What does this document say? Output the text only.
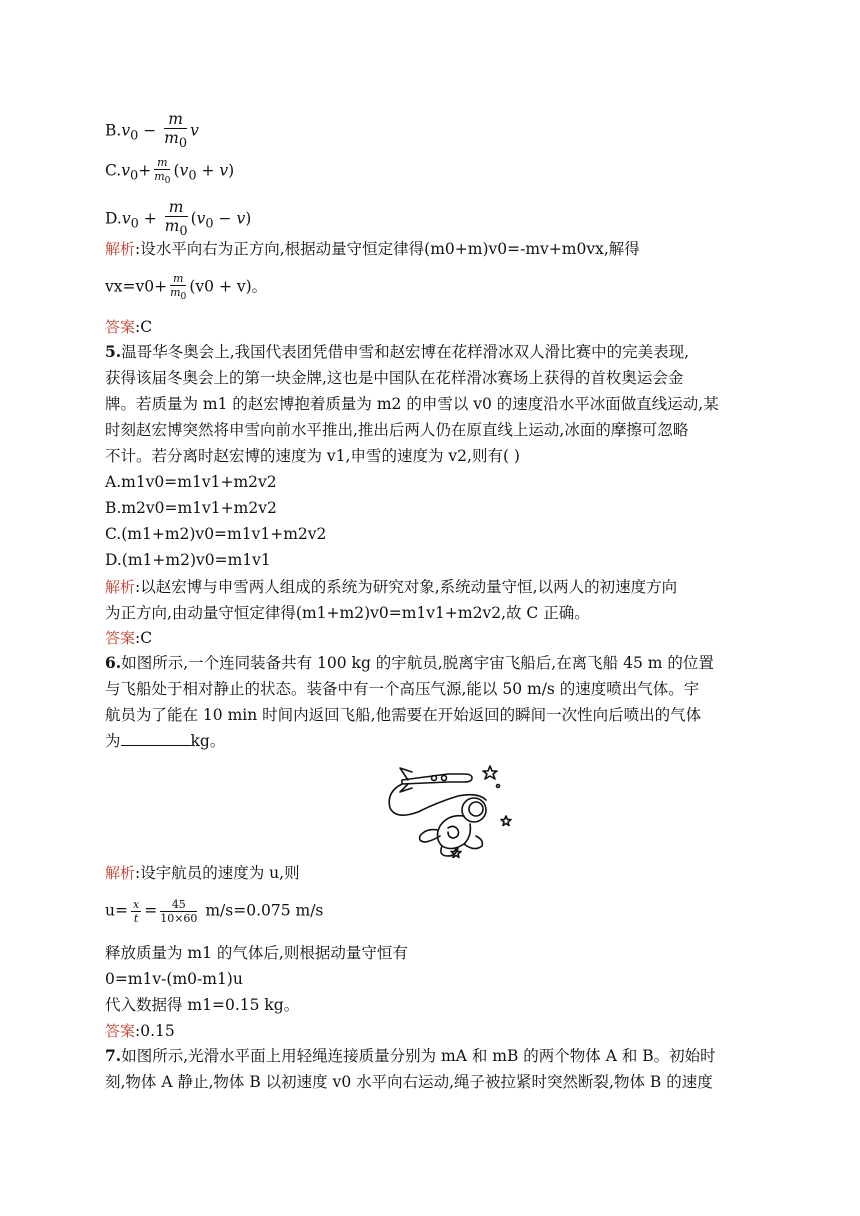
$B.v_0 - \frac{m}{m_0}$ v
$C.v_0+ \frac{m}{m_0} (v_0 + v)$
$D.v_0 + \frac{m}{m_0} (v_0 - v)$
解析:设水平向右为正方向,根据动量守恒定律得(m0+m)v0=-mv+m0vx,解得
$vx=v0+ \frac{m}{m_0} (v0 + v)$。
答案:C
5.温哥华冬奥会上,我国代表团凭借申雪和赵宏博在花样滑冰双人滑比赛中的完美表现,
获得该届冬奥会上的第一块金牌,这也是中国队在花样滑冰赛场上获得的首枚奥运会金
牌。若质量为 m1 的赵宏博抱着质量为 m2 的申雪以 v0 的速度沿水平冰面做直线运动,某
时刻赵宏博突然将申雪向前水平推出,推出后两人仍在原直线上运动,冰面的摩擦可忽略
不计。若分离时赵宏博的速度为 v1,申雪的速度为 v2,则有( )
A.m1v0=m1v1+m2v2
B.m2v0=m1v1+m2v2
C.(m1+m2)v0=m1v1+m2v2
D.(m1+m2)v0=m1v1
解析:以赵宏博与申雪两人组成的系统为研究对象,系统动量守恒,以两人的初速度方向
为正方向,由动量守恒定律得(m1+m2)v0=m1v1+m2v2,故 C 正确。
答案:C
6.如图所示,一个连同装备共有 100 kg 的宇航员,脱离宇宙飞船后,在离飞船 45 m 的位置
与飞船处于相对静止的状态。装备中有一个高压气源,能以 50 m/s 的速度喷出气体。宇
航员为了能在 10 min 时间内返回飞船,他需要在开始返回的瞬间一次性向后喷出的气体
为	kg。
解析:设宇航员的速度为 u,则
$u= \frac{x}{t} = \frac{45}{10\times 60} m/s=0.075$ m/s
释放质量为 m1 的气体后,则根据动量守恒有
0=m1v-(m0-m1)u
代入数据得 m1=0.15 kg。
答案:0.15
7.如图所示,光滑水平面上用轻绳连接质量分别为 mA 和 mB 的两个物体 A 和 B。初始时
刻,物体 A 静止,物体 B 以初速度 v0 水平向右运动,绳子被拉紧时突然断裂,物体 B 的速度
